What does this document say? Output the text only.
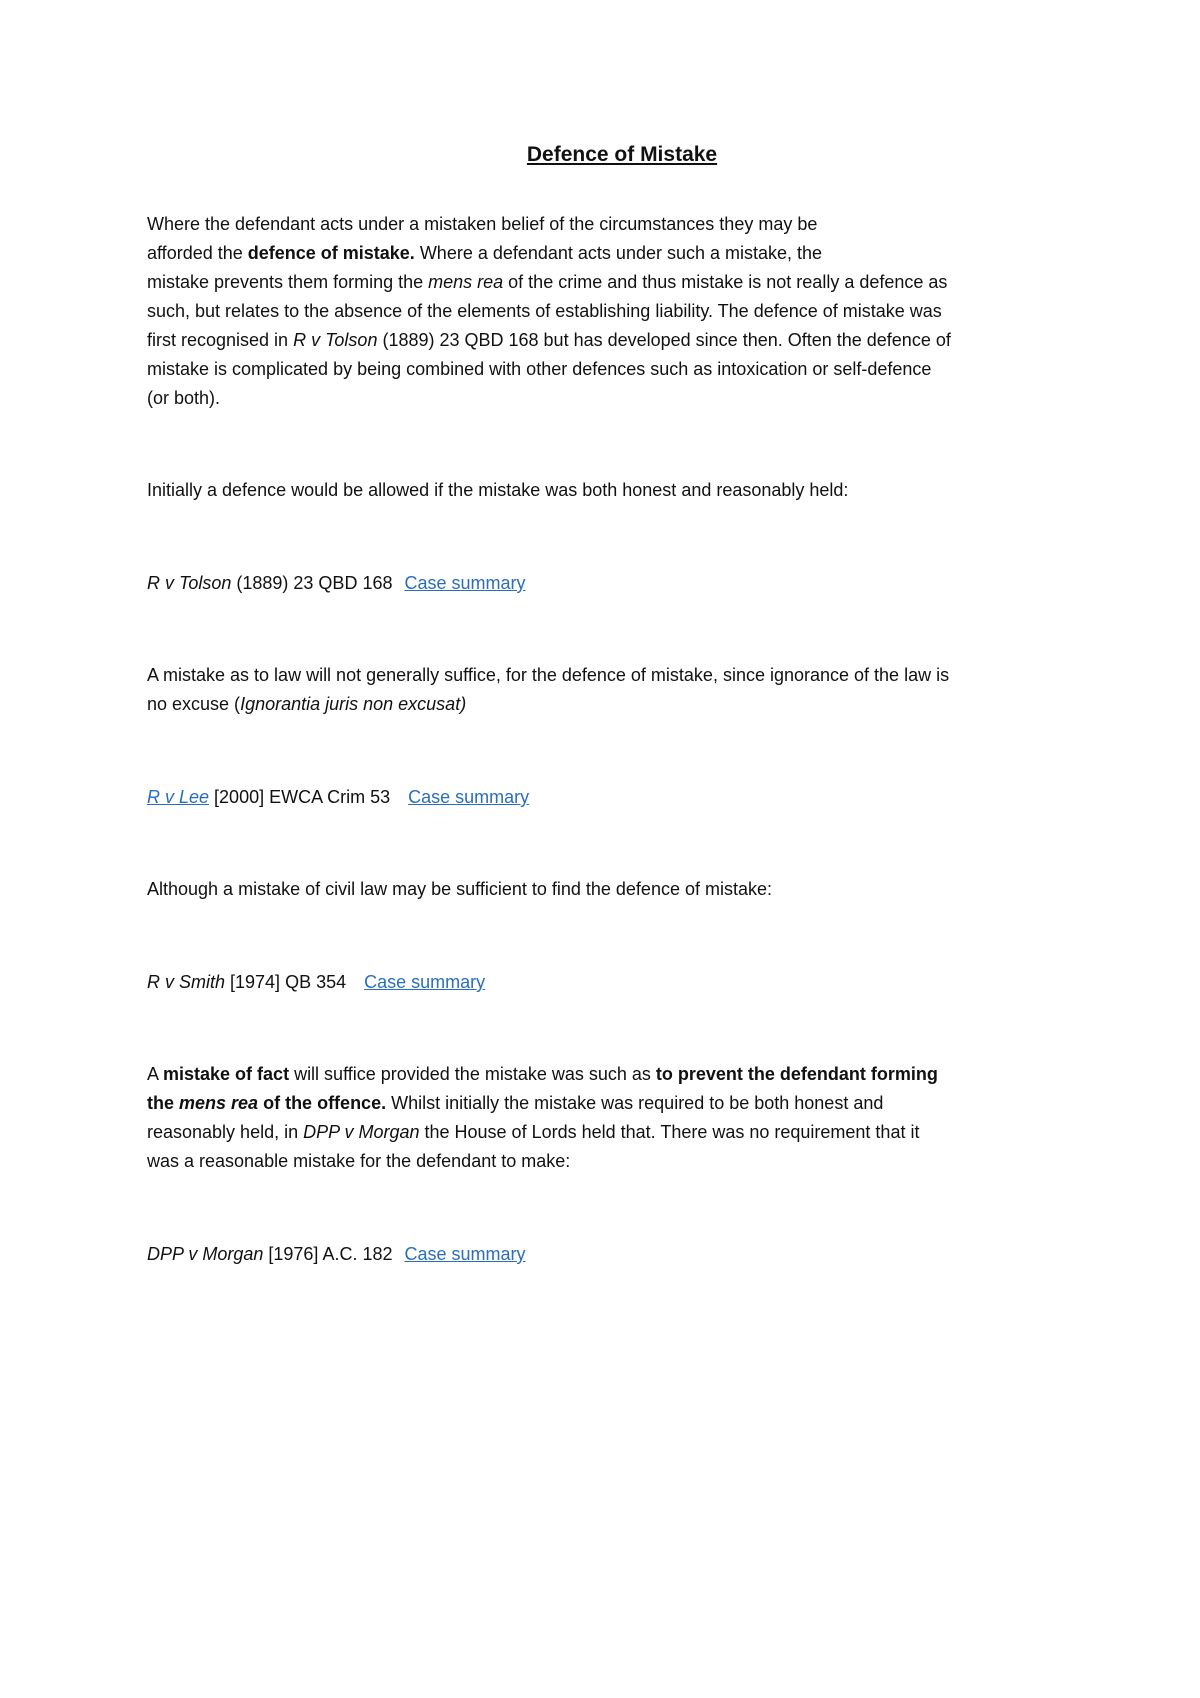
Defence of Mistake

Where the defendant acts under a mistaken belief of the circumstances they may be

afforded the defence of mistake. Where a defendant acts under such a mistake, the

mistake prevents them forming the mens rea of the crime and thus mistake is not really a defence as

such, but relates to the absence of the elements of establishing liability. The defence of mistake was

first recognised in R v Tolson (1889) 23 QBD 168 but has developed since then. Often the defence of

mistake is complicated by being combined with other defences such as intoxication or self-defence

(or both).

Initially a defence would be allowed if the mistake was both honest and reasonably held:

R v Tolson (1889) 23 QBD 168 Case summary

A mistake as to law will not generally suffice, for the defence of mistake, since ignorance of the law is

no excuse (Ignorantia juris non excusat)

R v Lee [2000] EWCA Crim 53 Case summary

Although a mistake of civil law may be sufficient to find the defence of mistake:

R v Smith [1974] QB 354 Case summary

A mistake of fact will suffice provided the mistake was such as to prevent the defendant forming

the mens rea of the offence. Whilst initially the mistake was required to be both honest and

reasonably held, in DPP v Morgan the House of Lords held that. There was no requirement that it

was a reasonable mistake for the defendant to make:

DPP v Morgan [1976] A.C. 182 Case summary
